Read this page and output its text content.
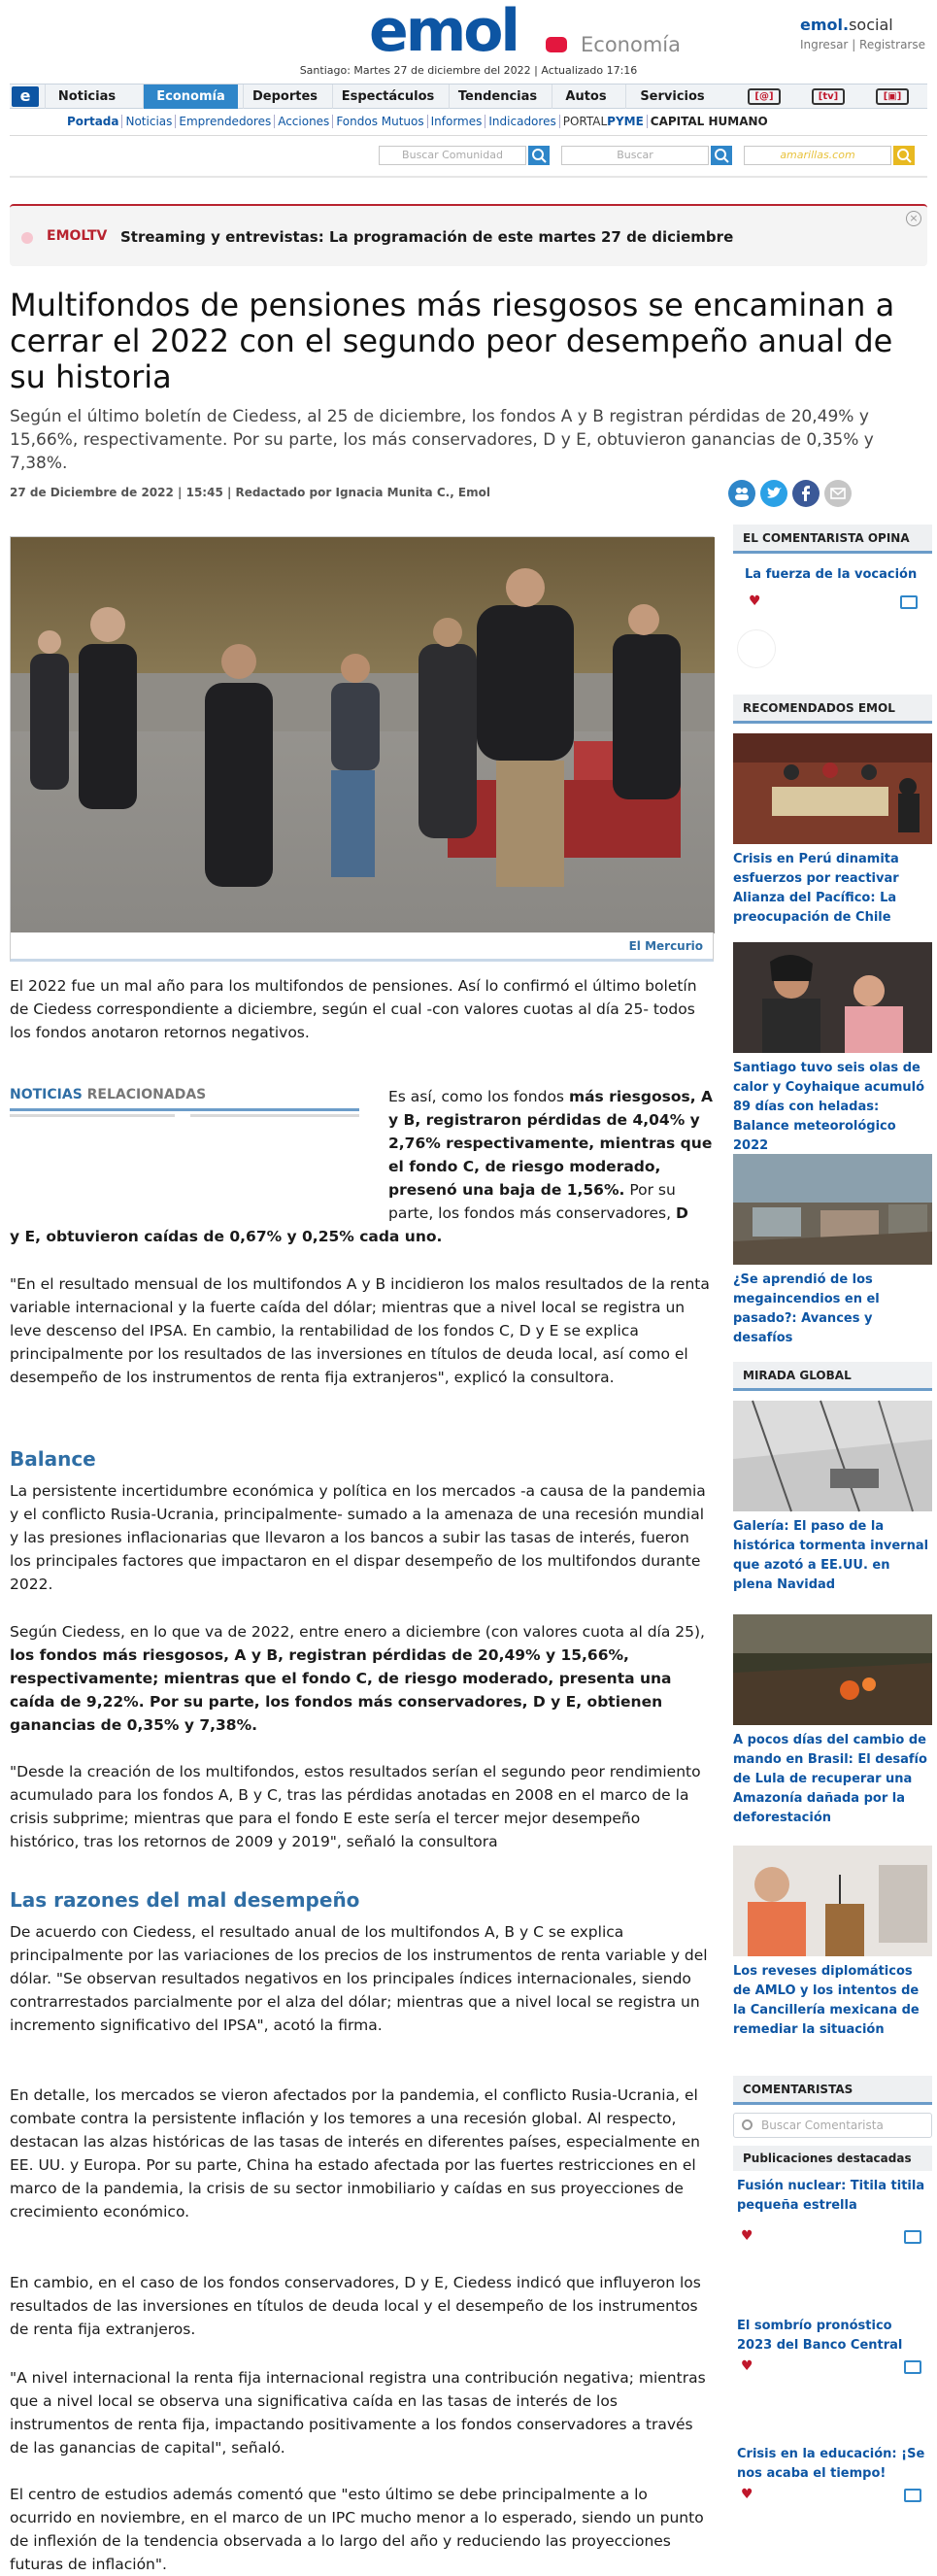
emol	Economía
emol.social
Ingresar | Registrarse
Santiago: Martes 27 de diciembre del 2022 | Actualizado 17:16
e	Noticias	Economía	Deportes	Espectáculos	Tendencias	Autos	Servicios	[@]	[tv]	[▣]
Portada Noticias Emprendedores Acciones Fondos Mutuos Informes Indicadores PORTALPYME CAPITAL HUMANO
Buscar Comunidad	Buscar	amarillas.com
EMOLTV Streaming y entrevistas: La programación de este martes 27 de diciembre
×
Multifondos de pensiones más riesgosos se encaminan a cerrar el 2022 con el segundo peor desempeño anual de su historia

Según el último boletín de Ciedess, al 25 de diciembre, los fondos A y B registran pérdidas de 20,49% y 15,66%, respectivamente. Por su parte, los más conservadores, D y E, obtuvieron ganancias de 0,35% y 7,38%.

27 de Diciembre de 2022 | 15:45 | Redactado por Ignacia Munita C., Emol
El Mercurio

El 2022 fue un mal año para los multifondos de pensiones. Así lo confirmó el último boletín de Ciedess correspondiente a diciembre, según el cual -con valores cuotas al día 25- todos los fondos anotaron retornos negativos.

NOTICIAS RELACIONADAS	Es así, como los fondos más riesgosos, A y B, registraron pérdidas de 4,04% y 2,76% respectivamente, mientras que el fondo C, de riesgo moderado, presenó una baja de 1,56%. Por su parte, los fondos más conservadores, D

y E, obtuvieron caídas de 0,67% y 0,25% cada uno.

"En el resultado mensual de los multifondos A y B incidieron los malos resultados de la renta variable internacional y la fuerte caída del dólar; mientras que a nivel local se registra un leve descenso del IPSA. En cambio, la rentabilidad de los fondos C, D y E se explica principalmente por los resultados de las inversiones en títulos de deuda local, así como el desempeño de los instrumentos de renta fija extranjeros", explicó la consultora.

Balance

La persistente incertidumbre económica y política en los mercados -a causa de la pandemia y el conflicto Rusia-Ucrania, principalmente- sumado a la amenaza de una recesión mundial y las presiones inflacionarias que llevaron a los bancos a subir las tasas de interés, fueron los principales factores que impactaron en el dispar desempeño de los multifondos durante 2022.

Según Ciedess, en lo que va de 2022, entre enero a diciembre (con valores cuota al día 25), los fondos más riesgosos, A y B, registran pérdidas de 20,49% y 15,66%, respectivamente; mientras que el fondo C, de riesgo moderado, presenta una caída de 9,22%. Por su parte, los fondos más conservadores, D y E, obtienen ganancias de 0,35% y 7,38%.

"Desde la creación de los multifondos, estos resultados serían el segundo peor rendimiento acumulado para los fondos A, B y C, tras las pérdidas anotadas en 2008 en el marco de la crisis subprime; mientras que para el fondo E este sería el tercer mejor desempeño histórico, tras los retornos de 2009 y 2019", señaló la consultora

Las razones del mal desempeño

De acuerdo con Ciedess, el resultado anual de los multifondos A, B y C se explica principalmente por las variaciones de los precios de los instrumentos de renta variable y del dólar. "Se observan resultados negativos en los principales índices internacionales, siendo contrarrestados parcialmente por el alza del dólar; mientras que a nivel local se registra un incremento significativo del IPSA", acotó la firma.

En detalle, los mercados se vieron afectados por la pandemia, el conflicto Rusia-Ucrania, el combate contra la persistente inflación y los temores a una recesión global. Al respecto, destacan las alzas históricas de las tasas de interés en diferentes países, especialmente en EE. UU. y Europa. Por su parte, China ha estado afectada por las fuertes restricciones en el marco de la pandemia, la crisis de su sector inmobiliario y caídas en sus proyecciones de crecimiento económico.

En cambio, en el caso de los fondos conservadores, D y E, Ciedess indicó que influyeron los resultados de las inversiones en títulos de deuda local y el desempeño de los instrumentos de renta fija extranjeros.

"A nivel internacional la renta fija internacional registra una contribución negativa; mientras que a nivel local se observa una significativa caída en las tasas de interés de los instrumentos de renta fija, impactando positivamente a los fondos conservadores a través de las ganancias de capital", señaló.

El centro de estudios además comentó que "esto último se debe principalmente a lo ocurrido en noviembre, en el marco de un IPC mucho menor a lo esperado, siendo un punto de inflexión de la tendencia observada a lo largo del año y reduciendo las proyecciones futuras de inflación".

EL COMENTARISTA OPINA
La fuerza de la vocación
♥
RECOMENDADOS EMOL
Crisis en Perú dinamita esfuerzos por reactivar Alianza del Pacífico: La preocupación de Chile
Santiago tuvo seis olas de calor y Coyhaique acumuló 89 días con heladas: Balance meteorológico 2022
¿Se aprendió de los megaincendios en el pasado?: Avances y desafíos
MIRADA GLOBAL
Galería: El paso de la histórica tormenta invernal que azotó a EE.UU. en plena Navidad
A pocos días del cambio de mando en Brasil: El desafío de Lula de recuperar una Amazonía dañada por la deforestación
Los reveses diplomáticos de AMLO y los intentos de la Cancillería mexicana de remediar la situación
COMENTARISTAS
Buscar Comentarista
Publicaciones destacadas
Fusión nuclear: Titila titila pequeña estrella
♥
El sombrío pronóstico 2023 del Banco Central
♥
Crisis en la educación: ¡Se nos acaba el tiempo!
♥
